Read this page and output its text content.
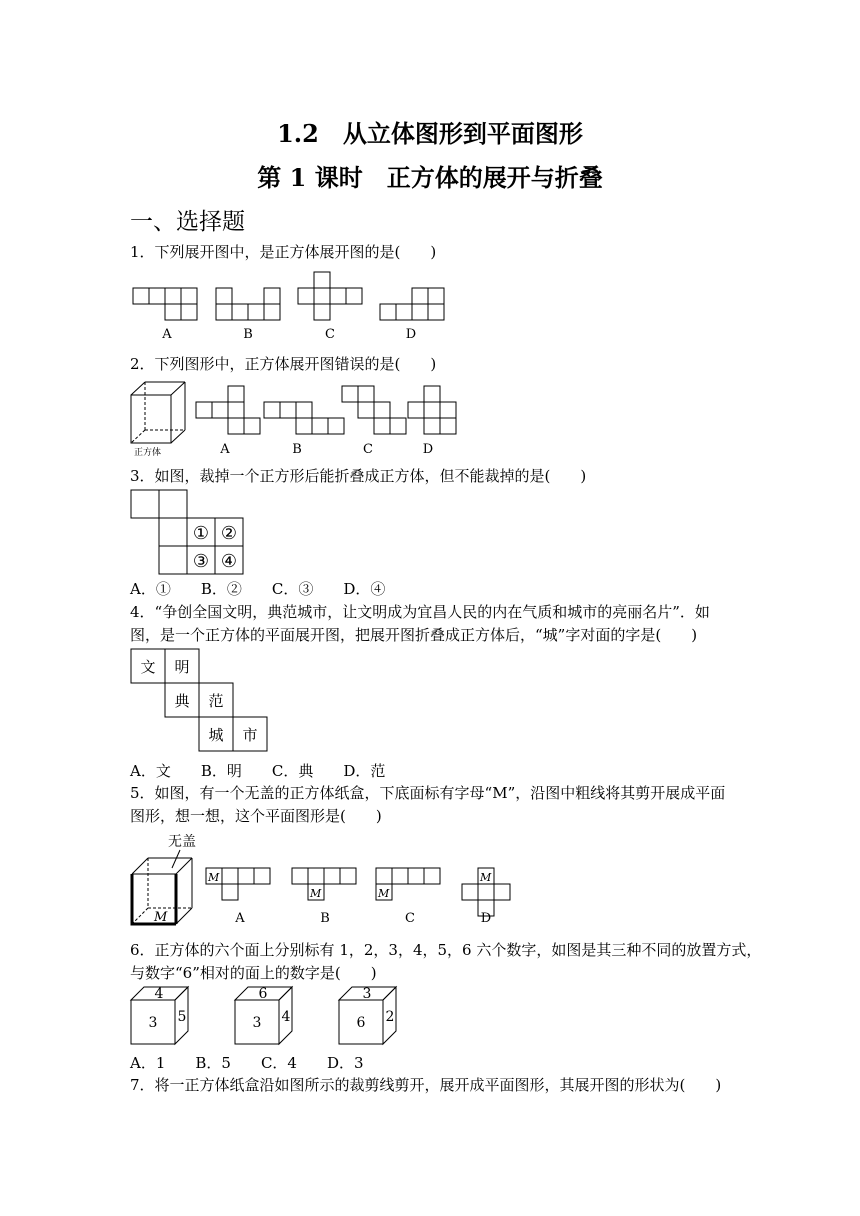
1.2　从立体图形到平面图形
第 1 课时　正方体的展开与折叠
一、选择题
1．下列展开图中，是正方体展开图的是(　　)
A	B	C	D
2．下列图形中，正方体展开图错误的是(　　)
正方体	A	B	C	D
3．如图，裁掉一个正方形后能折叠成正方体，但不能裁掉的是(　　)
① ②
③ ④
A．①　　B．②　　C．③　　D．④
4．“争创全国文明，典范城市，让文明成为宜昌人民的内在气质和城市的亮丽名片”．如
图，是一个正方体的平面展开图，把展开图折叠成正方体后，“城”字对面的字是(　　)
文 明
典 范
城 市
A．文　　B．明　　C．典　　D．范
5．如图，有一个无盖的正方体纸盒，下底面标有字母“M”，沿图中粗线将其剪开展成平面
图形，想一想，这个平面图形是(　　)
无盖
M
M
M	M
M
A	B	C	D
6．正方体的六个面上分别标有 1，2，3，4，5，6 六个数字，如图是其三种不同的放置方式，
与数字“6”相对的面上的数字是(　　)
4
3 5
6
3 4
3
6 2
A．1　　B．5　　C．4　　D．3
7．将一正方体纸盒沿如图所示的裁剪线剪开，展开成平面图形，其展开图的形状为(　　)
